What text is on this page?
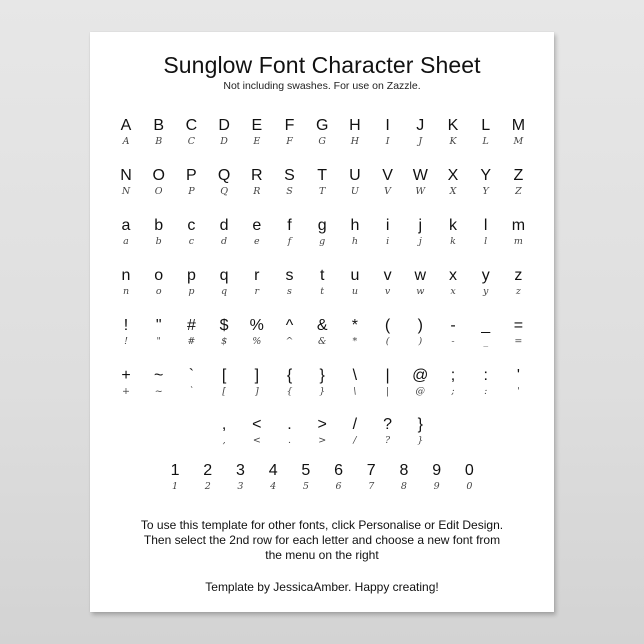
Sunglow Font Character Sheet
Not including swashes. For use on Zazzle.
A
A
B
B
C
C
D
D
E
E
F
F
G
G
H
H
I
I
J
J
K
K
L
L
M
M
N
N
O
O
P
P
Q
Q
R
R
S
S
T
T
U
U
V
V
W
W
X
X
Y
Y
Z
Z
a
a
b
b
c
c
d
d
e
e
f
f
g
g
h
h
i
i
j
j
k
k
l
l
m
m
n
n
o
o
p
p
q
q
r
r
s
s
t
t
u
u
v
v
w
w
x
x
y
y
z
z
!
!
"
"
#
#
$
$
%
%
^
^
&
&
*
*
(
(
)
)
-
-
_
_
=
=
+
+
~
~
`
`
[
[
]
]
{
{
}
}
\
\
|
|
@
@
;
;
:
:
'
'
,
,
<
<
.
.
>
>
/
/
?
?
}
}
1
1
2
2
3
3
4
4
5
5
6
6
7
7
8
8
9
9
0
0
To use this template for other fonts, click Personalise or Edit Design.
Then select the 2nd row for each letter and choose a new font from
the menu on the right
Template by JessicaAmber. Happy creating!
